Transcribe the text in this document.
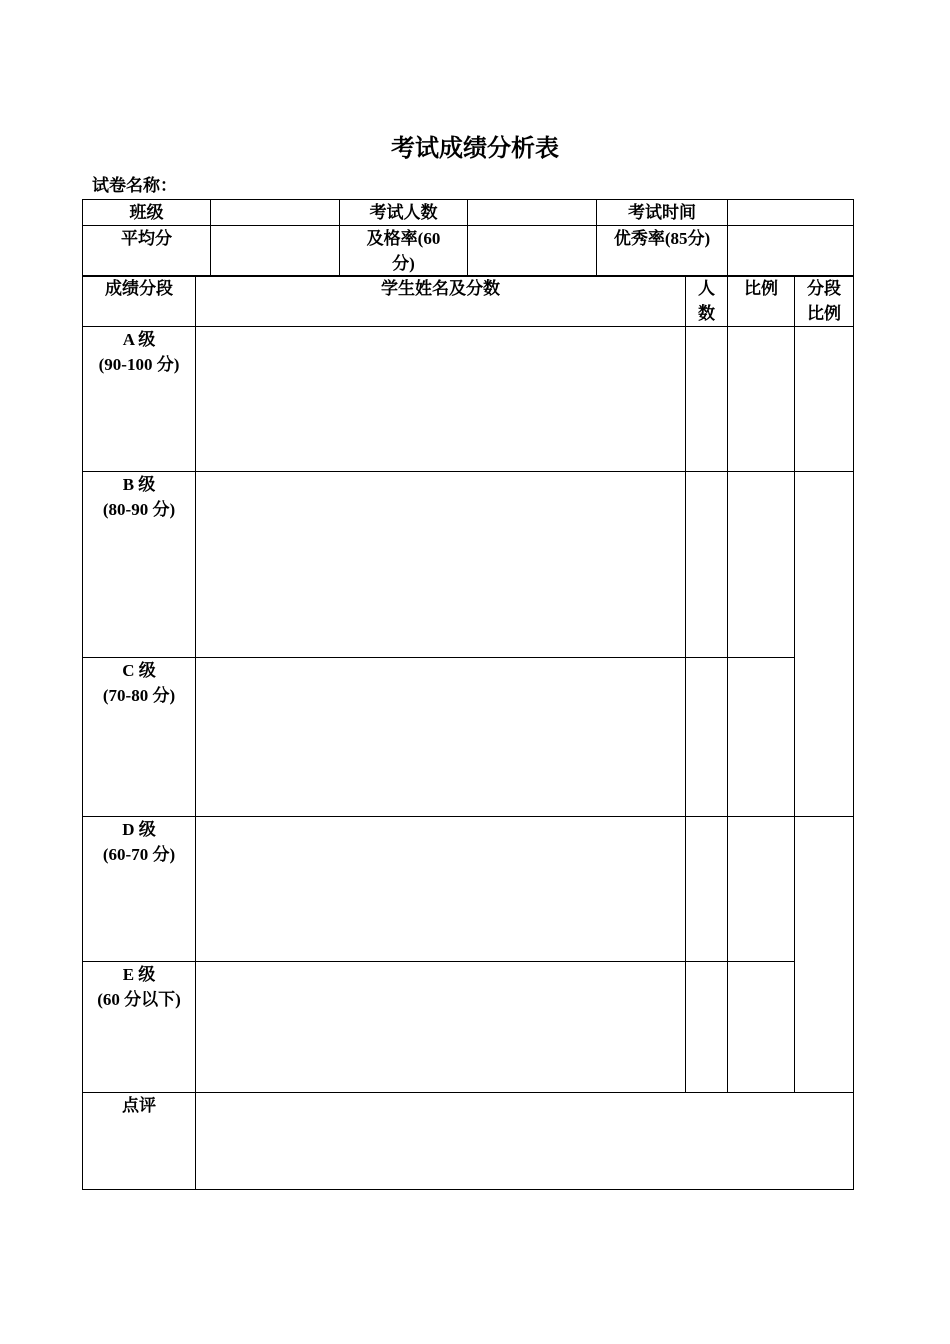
考试成绩分析表
试卷名称：
班级		考试人数		考试时间	
平均分		及格率(60分)		优秀率(85分)	
成绩分段	学生姓名及分数	人数	比例	分段比例

A 级
(90-100 分)				

B 级
(80-90 分)				

C 级
(70-80 分)				

D 级
(60-70 分)				

E 级
(60 分以下)				

点评				
